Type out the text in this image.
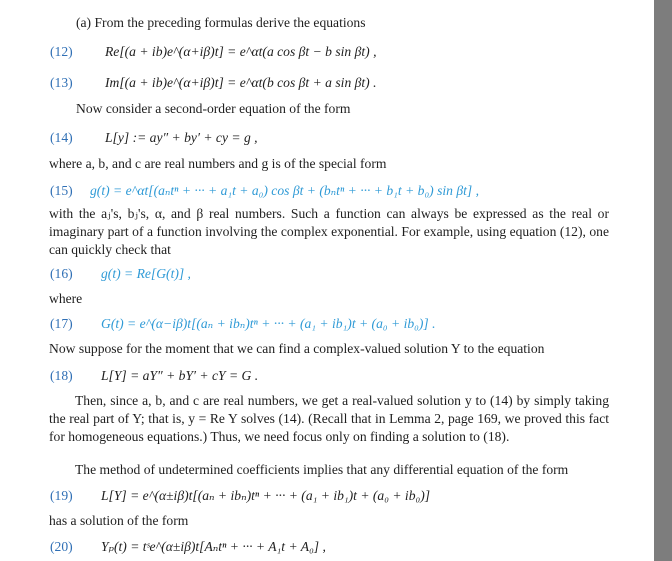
(a) From the preceding formulas derive the equations
(12) Re[(a + ib)e^(α+iβ)t] = e^αt(a cos βt − b sin βt) ,
(13) Im[(a + ib)e^(α+iβ)t] = e^αt(b cos βt + a sin βt) .
Now consider a second-order equation of the form
(14) L[y] := ay″ + by′ + cy = g ,
where a, b, and c are real numbers and g is of the special form
(15) g(t) = e^αt[(aₙtⁿ + ··· + a₁t + a₀) cos βt + (bₙtⁿ + ··· + b₁t + b₀) sin βt] ,
with the aⱼ's, bⱼ's, α, and β real numbers. Such a function can always be expressed as the real or imaginary part of a function involving the complex exponential. For example, using equation (12), one can quickly check that
(16) g(t) = Re[G(t)] ,
where
(17) G(t) = e^(α−iβ)t[(aₙ + ibₙ)tⁿ + ··· + (a₁ + ib₁)t + (a₀ + ib₀)] .
Now suppose for the moment that we can find a complex-valued solution Y to the equation
(18) L[Y] = aY″ + bY′ + cY = G .
Then, since a, b, and c are real numbers, we get a real-valued solution y to (14) by simply taking the real part of Y; that is, y = Re Y solves (14). (Recall that in Lemma 2, page 169, we proved this fact for homogeneous equations.) Thus, we need focus only on finding a solution to (18).
The method of undetermined coefficients implies that any differential equation of the form
(19) L[Y] = e^(α±iβ)t[(aₙ + ibₙ)tⁿ + ··· + (a₁ + ib₁)t + (a₀ + ib₀)]
has a solution of the form
(20) Yₚ(t) = tˢe^(α±iβ)t[Aₙtⁿ + ··· + A₁t + A₀] ,
